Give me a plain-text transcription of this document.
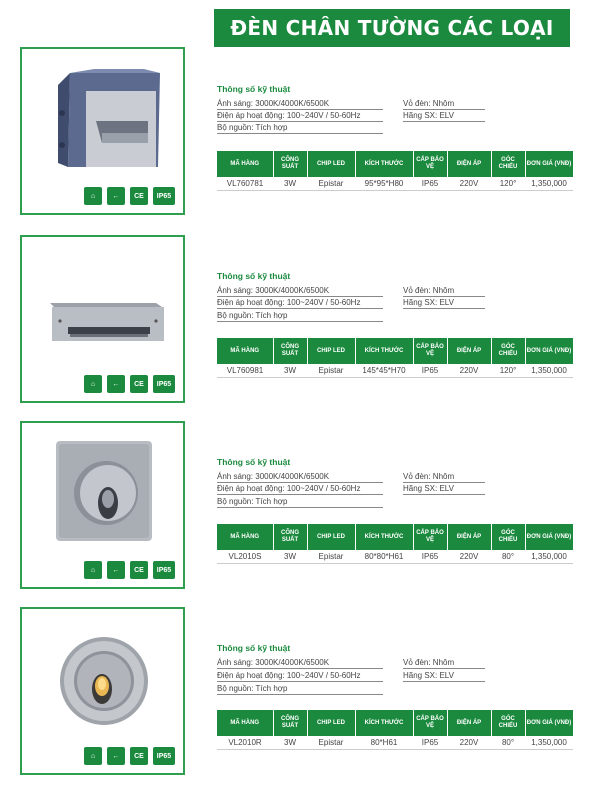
ĐÈN CHÂN TƯỜNG CÁC LOẠI
⌂	←	CE	IP65
Thông số kỹ thuật
Ánh sáng: 3000K/4000K/6500K
Điện áp hoạt động: 100~240V / 50-60Hz
Bộ nguồn: Tích hợp
Vỏ đèn: Nhôm
Hãng SX: ELV
MÃ HÀNG	CÔNG SUẤT	CHIP LED	KÍCH THƯỚC	CẤP BẢO VỆ	ĐIỆN ÁP	GÓC CHIẾU	ĐƠN GIÁ (VNĐ)
VL760781	3W	Epistar	95*95*H80	IP65	220V	120°	1,350,000
⌂	←	CE	IP65
Thông số kỹ thuật
Ánh sáng: 3000K/4000K/6500K
Điện áp hoạt động: 100~240V / 50-60Hz
Bộ nguồn: Tích hợp
Vỏ đèn: Nhôm
Hãng SX: ELV
MÃ HÀNG	CÔNG SUẤT	CHIP LED	KÍCH THƯỚC	CẤP BẢO VỆ	ĐIỆN ÁP	GÓC CHIẾU	ĐƠN GIÁ (VNĐ)
VL760981	3W	Epistar	145*45*H70	IP65	220V	120°	1,350,000
⌂	←	CE	IP65
Thông số kỹ thuật
Ánh sáng: 3000K/4000K/6500K
Điện áp hoạt động: 100~240V / 50-60Hz
Bộ nguồn: Tích hợp
Vỏ đèn: Nhôm
Hãng SX: ELV
MÃ HÀNG	CÔNG SUẤT	CHIP LED	KÍCH THƯỚC	CẤP BẢO VỆ	ĐIỆN ÁP	GÓC CHIẾU	ĐƠN GIÁ (VNĐ)
VL2010S	3W	Epistar	80*80*H61	IP65	220V	80°	1,350,000
⌂	←	CE	IP65
Thông số kỹ thuật
Ánh sáng: 3000K/4000K/6500K
Điện áp hoạt động: 100~240V / 50-60Hz
Bộ nguồn: Tích hợp
Vỏ đèn: Nhôm
Hãng SX: ELV
MÃ HÀNG	CÔNG SUẤT	CHIP LED	KÍCH THƯỚC	CẤP BẢO VỆ	ĐIỆN ÁP	GÓC CHIẾU	ĐƠN GIÁ (VNĐ)
VL2010R	3W	Epistar	80*H61	IP65	220V	80°	1,350,000
